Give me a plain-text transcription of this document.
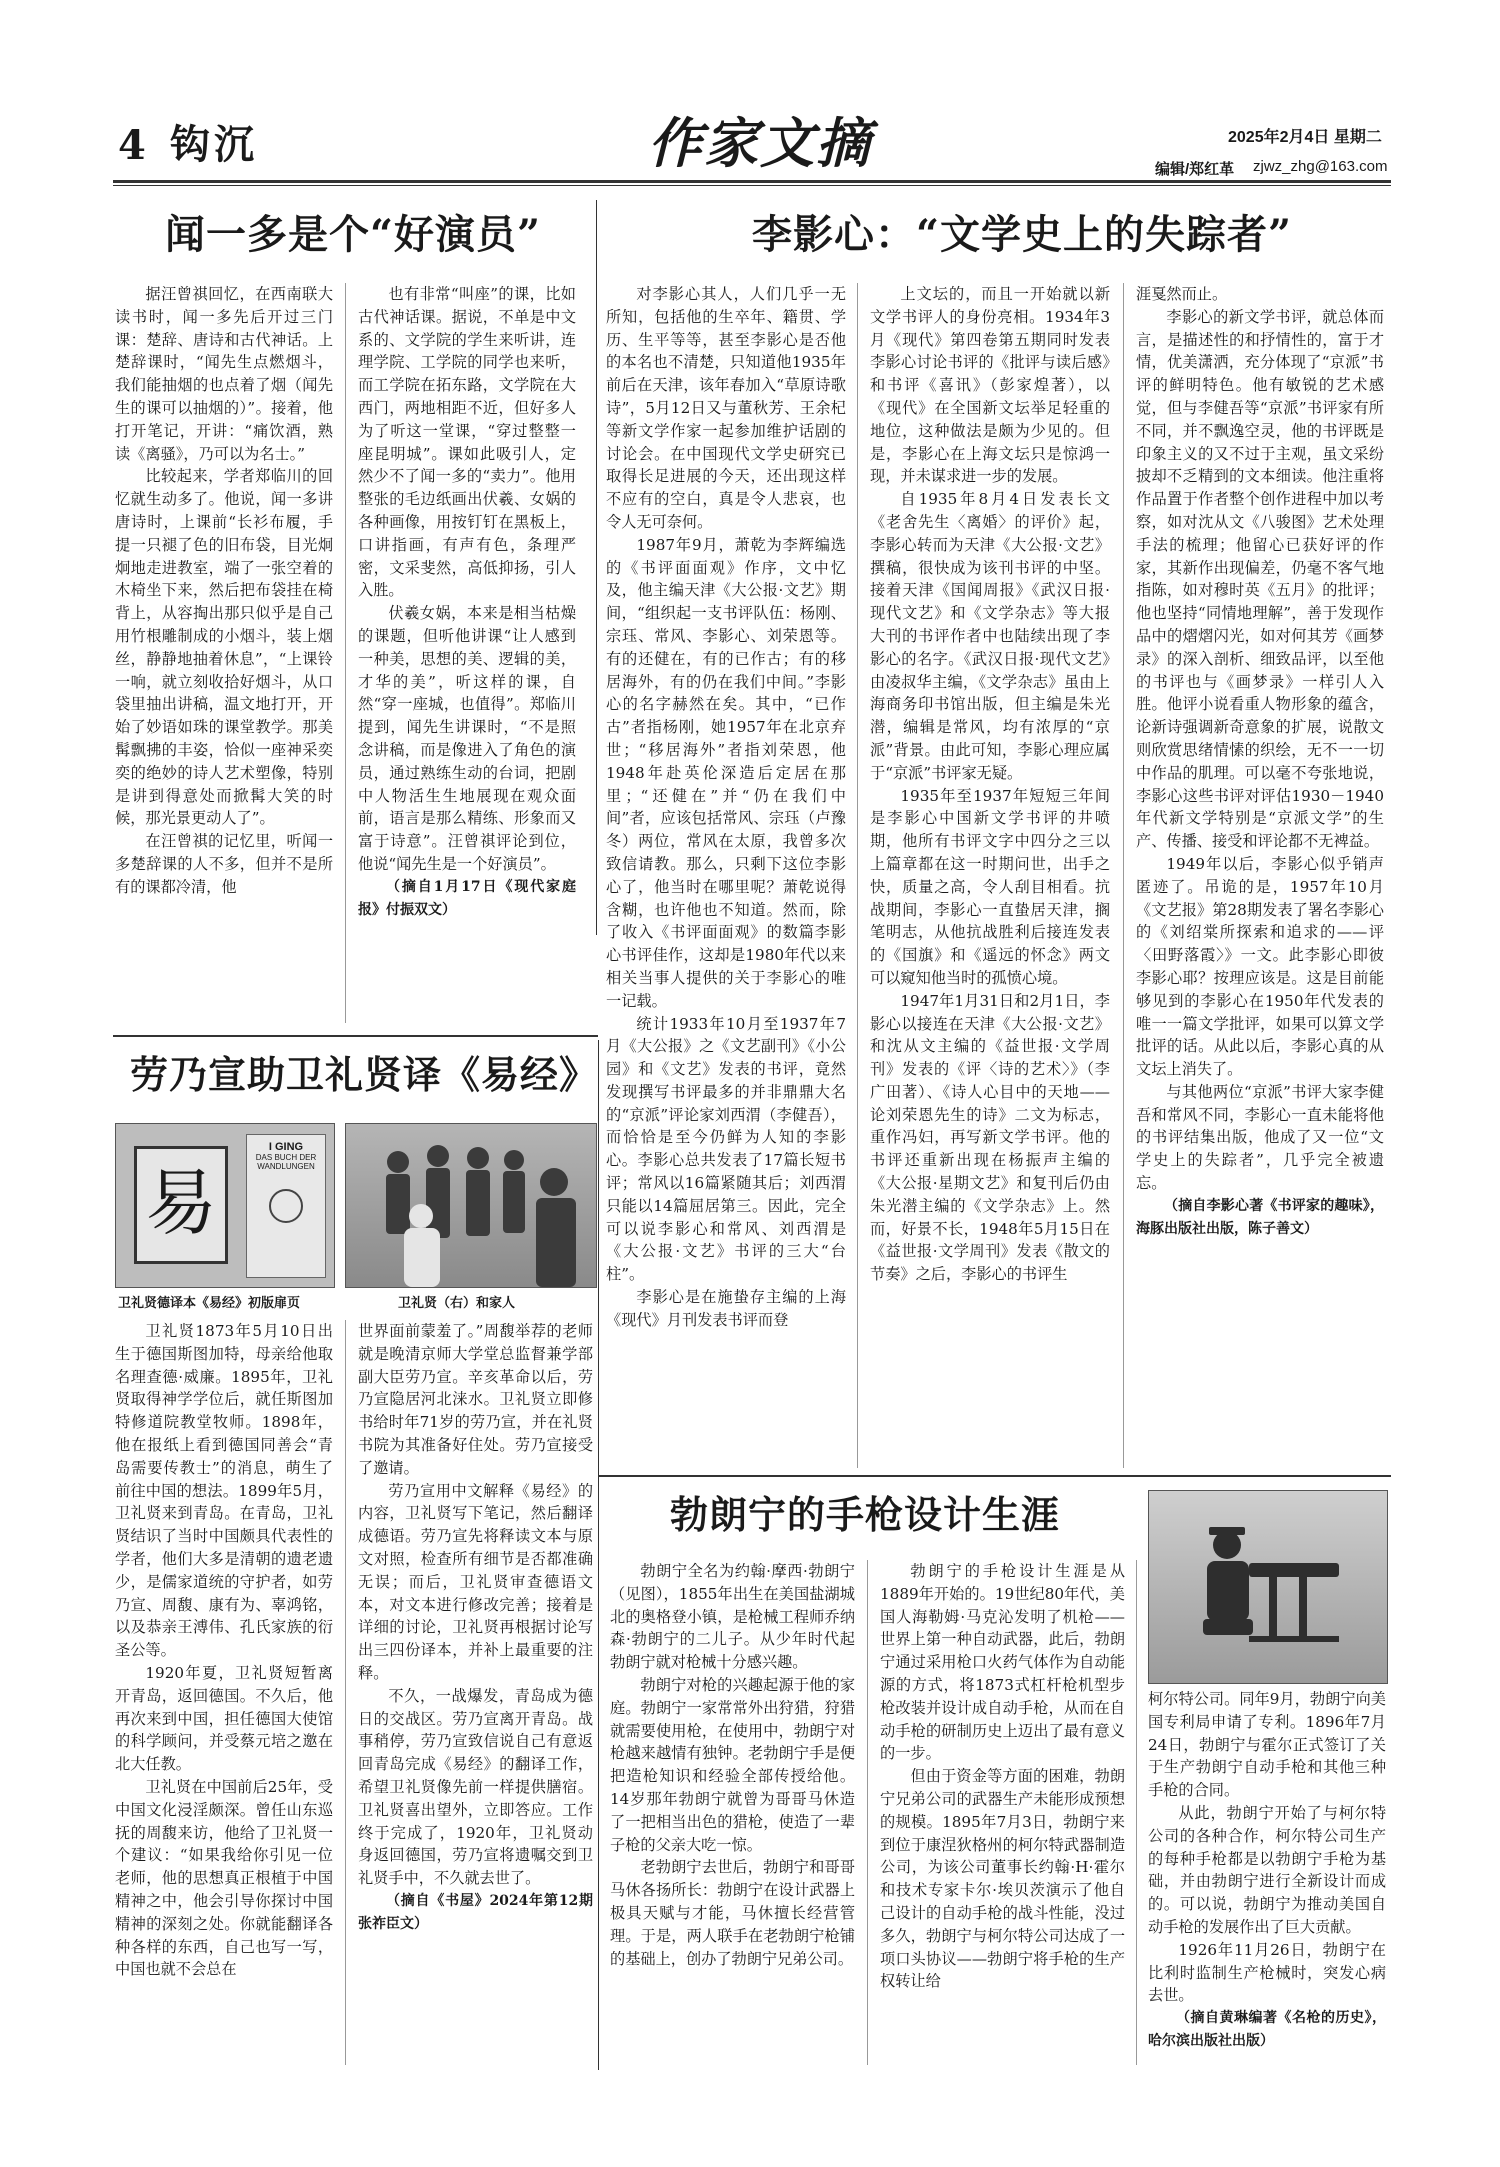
4 钩沉	作家文摘	2025年2月4日 星期二
编辑/郑红革 zjwz_zhg@163.com
闻一多是个“好演员”

据汪曾祺回忆，在西南联大读书时，闻一多先后开过三门课：楚辞、唐诗和古代神话。上楚辞课时，“闻先生点燃烟斗，我们能抽烟的也点着了烟（闻先生的课可以抽烟的）”。接着，他打开笔记，开讲：“痛饮酒，熟读《离骚》，乃可以为名士。”

比较起来，学者郑临川的回忆就生动多了。他说，闻一多讲唐诗时，上课前“长衫布履，手提一只褪了色的旧布袋，目光炯炯地走进教室，端了一张空着的木椅坐下来，然后把布袋挂在椅背上，从容掏出那只似乎是自己用竹根雕制成的小烟斗，装上烟丝，静静地抽着休息”，“上课铃一响，就立刻收拾好烟斗，从口袋里抽出讲稿，温文地打开，开始了妙语如珠的课堂教学。那美髯飘拂的丰姿，恰似一座神采奕奕的绝妙的诗人艺术塑像，特别是讲到得意处而掀髯大笑的时候，那光景更动人了”。

在汪曾祺的记忆里，听闻一多楚辞课的人不多，但并不是所有的课都冷清，他

也有非常“叫座”的课，比如古代神话课。据说，不单是中文系的、文学院的学生来听讲，连理学院、工学院的同学也来听，而工学院在拓东路，文学院在大西门，两地相距不近，但好多人为了听这一堂课，“穿过整整一座昆明城”。课如此吸引人，定然少不了闻一多的“卖力”。他用整张的毛边纸画出伏羲、女娲的各种画像，用按钉钉在黑板上，口讲指画，有声有色，条理严密，文采斐然，高低抑扬，引人入胜。

伏羲女娲，本来是相当枯燥的课题，但听他讲课“让人感到一种美，思想的美、逻辑的美，才华的美”，听这样的课，自然“穿一座城，也值得”。郑临川提到，闻先生讲课时，“不是照念讲稿，而是像进入了角色的演员，通过熟练生动的台词，把剧中人物活生生地展现在观众面前，语言是那么精练、形象而又富于诗意”。汪曾祺评论到位，他说“闻先生是一个好演员”。

（摘自1月17日《现代家庭报》付振双文）

李影心：“文学史上的失踪者”

对李影心其人，人们几乎一无所知，包括他的生卒年、籍贯、学历、生平等等，甚至李影心是否他的本名也不清楚，只知道他1935年前后在天津，该年春加入“草原诗歌诗”，5月12日又与董秋芳、王余杞等新文学作家一起参加维护话剧的讨论会。在中国现代文学史研究已取得长足进展的今天，还出现这样不应有的空白，真是令人悲哀，也令人无可奈何。

1987年9月，萧乾为李辉编选的《书评面面观》作序，文中忆及，他主编天津《大公报·文艺》期间，“组织起一支书评队伍：杨刚、宗珏、常风、李影心、刘荣恩等。有的还健在，有的已作古；有的移居海外，有的仍在我们中间。”李影心的名字赫然在矣。其中，“已作古”者指杨刚，她1957年在北京弃世；“移居海外”者指刘荣恩，他1948年赴英伦深造后定居在那里；“还健在”并“仍在我们中间”者，应该包括常风、宗珏（卢豫冬）两位，常风在太原，我曾多次致信请教。那么，只剩下这位李影心了，他当时在哪里呢？萧乾说得含糊，也许他也不知道。然而，除了收入《书评面面观》的数篇李影心书评佳作，这却是1980年代以来相关当事人提供的关于李影心的唯一记载。

统计1933年10月至1937年7月《大公报》之《文艺副刊》《小公园》和《文艺》发表的书评，竟然发现撰写书评最多的并非鼎鼎大名的“京派”评论家刘西渭（李健吾），而恰恰是至今仍鲜为人知的李影心。李影心总共发表了17篇长短书评；常风以16篇紧随其后；刘西渭只能以14篇屈居第三。因此，完全可以说李影心和常风、刘西渭是《大公报·文艺》书评的三大“台柱”。

李影心是在施蛰存主编的上海《现代》月刊发表书评而登

上文坛的，而且一开始就以新文学书评人的身份亮相。1934年3月《现代》第四卷第五期同时发表李影心讨论书评的《批评与读后感》和书评《喜讯》（彭家煌著），以《现代》在全国新文坛举足轻重的地位，这种做法是颇为少见的。但是，李影心在上海文坛只是惊鸿一现，并未谋求进一步的发展。

自1935年8月4日发表长文《老舍先生〈离婚〉的评价》起，李影心转而为天津《大公报·文艺》撰稿，很快成为该刊书评的中坚。接着天津《国闻周报》《武汉日报·现代文艺》和《文学杂志》等大报大刊的书评作者中也陆续出现了李影心的名字。《武汉日报·现代文艺》由凌叔华主编，《文学杂志》虽由上海商务印书馆出版，但主编是朱光潜，编辑是常风，均有浓厚的“京派”背景。由此可知，李影心理应属于“京派”书评家无疑。

1935年至1937年短短三年间是李影心中国新文学书评的井喷期，他所有书评文字中四分之三以上篇章都在这一时期问世，出手之快，质量之高，令人刮目相看。抗战期间，李影心一直蛰居天津，搁笔明志，从他抗战胜利后接连发表的《国旗》和《遥远的怀念》两文可以窥知他当时的孤愤心境。

1947年1月31日和2月1日，李影心以接连在天津《大公报·文艺》和沈从文主编的《益世报·文学周刊》发表的《评〈诗的艺术〉》（李广田著）、《诗人心目中的天地——论刘荣恩先生的诗》二文为标志，重作冯妇，再写新文学书评。他的书评还重新出现在杨振声主编的《大公报·星期文艺》和复刊后仍由朱光潜主编的《文学杂志》上。然而，好景不长，1948年5月15日在《益世报·文学周刊》发表《散文的节奏》之后，李影心的书评生

涯戛然而止。

李影心的新文学书评，就总体而言，是描述性的和抒情性的，富于才情，优美潇洒，充分体现了“京派”书评的鲜明特色。他有敏锐的艺术感觉，但与李健吾等“京派”书评家有所不同，并不飘逸空灵，他的书评既是印象主义的又不过于主观，虽文采纷披却不乏精到的文本细读。他注重将作品置于作者整个创作进程中加以考察，如对沈从文《八骏图》艺术处理手法的梳理；他留心已获好评的作家，其新作出现偏差，仍毫不客气地指陈，如对穆时英《五月》的批评；他也坚持“同情地理解”，善于发现作品中的熠熠闪光，如对何其芳《画梦录》的深入剖析、细致品评，以至他的书评也与《画梦录》一样引人入胜。他评小说看重人物形象的蕴含，论新诗强调新奇意象的扩展，说散文则欣赏思绪情愫的织绘，无不一一切中作品的肌理。可以毫不夸张地说，李影心这些书评对评估1930－1940年代新文学特别是“京派文学”的生产、传播、接受和评论都不无裨益。

1949年以后，李影心似乎销声匿迹了。吊诡的是，1957年10月《文艺报》第28期发表了署名李影心的《刘绍棠所探索和追求的——评〈田野落霞〉》一文。此李影心即彼李影心耶？按理应该是。这是目前能够见到的李影心在1950年代发表的唯一一篇文学批评，如果可以算文学批评的话。从此以后，李影心真的从文坛上消失了。

与其他两位“京派”书评大家李健吾和常风不同，李影心一直未能将他的书评结集出版，他成了又一位“文学史上的失踪者”，几乎完全被遗忘。

（摘自李影心著《书评家的趣味》，海豚出版社出版，陈子善文）

劳乃宣助卫礼贤译《易经》
易
I GING
DAS BUCH DER
WANDLUNGEN
卫礼贤德译本《易经》初版扉页	卫礼贤（右）和家人

卫礼贤1873年5月10日出生于德国斯图加特，母亲给他取名理查德·威廉。1895年，卫礼贤取得神学学位后，就任斯图加特修道院教堂牧师。1898年，他在报纸上看到德国同善会“青岛需要传教士”的消息，萌生了前往中国的想法。1899年5月，卫礼贤来到青岛。在青岛，卫礼贤结识了当时中国颇具代表性的学者，他们大多是清朝的遗老遗少，是儒家道统的守护者，如劳乃宣、周馥、康有为、辜鸿铭，以及恭亲王溥伟、孔氏家族的衍圣公等。

1920年夏，卫礼贤短暂离开青岛，返回德国。不久后，他再次来到中国，担任德国大使馆的科学顾问，并受蔡元培之邀在北大任教。

卫礼贤在中国前后25年，受中国文化浸淫颇深。曾任山东巡抚的周馥来访，他给了卫礼贤一个建议：“如果我给你引见一位老师，他的思想真正根植于中国精神之中，他会引导你探讨中国精神的深刻之处。你就能翻译各种各样的东西，自己也写一写，中国也就不会总在

世界面前蒙羞了。”周馥举荐的老师就是晚清京师大学堂总监督兼学部副大臣劳乃宣。辛亥革命以后，劳乃宣隐居河北涞水。卫礼贤立即修书给时年71岁的劳乃宣，并在礼贤书院为其准备好住处。劳乃宣接受了邀请。

劳乃宣用中文解释《易经》的内容，卫礼贤写下笔记，然后翻译成德语。劳乃宣先将释读文本与原文对照，检查所有细节是否都准确无误；而后，卫礼贤审查德语文本，对文本进行修改完善；接着是详细的讨论，卫礼贤再根据讨论写出三四份译本，并补上最重要的注释。

不久，一战爆发，青岛成为德日的交战区。劳乃宣离开青岛。战事稍停，劳乃宣致信说自己有意返回青岛完成《易经》的翻译工作，希望卫礼贤像先前一样提供膳宿。卫礼贤喜出望外，立即答应。工作终于完成了，1920年，卫礼贤动身返回德国，劳乃宣将遗嘱交到卫礼贤手中，不久就去世了。

（摘自《书屋》2024年第12期 张祚臣文）

勃朗宁的手枪设计生涯

勃朗宁全名为约翰·摩西·勃朗宁（见图），1855年出生在美国盐湖城北的奥格登小镇，是枪械工程师乔纳森·勃朗宁的二儿子。从少年时代起勃朗宁就对枪械十分感兴趣。

勃朗宁对枪的兴趣起源于他的家庭。勃朗宁一家常常外出狩猎，狩猎就需要使用枪，在使用中，勃朗宁对枪越来越情有独钟。老勃朗宁手是便把造枪知识和经验全部传授给他。14岁那年勃朗宁就曾为哥哥马休造了一把相当出色的猎枪，使造了一辈子枪的父亲大吃一惊。

老勃朗宁去世后，勃朗宁和哥哥马休各扬所长：勃朗宁在设计武器上极具天赋与才能，马休擅长经营管理。于是，两人联手在老勃朗宁枪铺的基础上，创办了勃朗宁兄弟公司。

勃朗宁的手枪设计生涯是从1889年开始的。19世纪80年代，美国人海勒姆·马克沁发明了机枪——世界上第一种自动武器，此后，勃朗宁通过采用枪口火药气体作为自动能源的方式，将1873式杠杆枪机型步枪改装并设计成自动手枪，从而在自动手枪的研制历史上迈出了最有意义的一步。

但由于资金等方面的困难，勃朗宁兄弟公司的武器生产未能形成预想的规模。1895年7月3日，勃朗宁来到位于康涅狄格州的柯尔特武器制造公司，为该公司董事长约翰·H·霍尔和技术专家卡尔·埃贝茨演示了他自己设计的自动手枪的战斗性能，没过多久，勃朗宁与柯尔特公司达成了一项口头协议——勃朗宁将手枪的生产权转让给

柯尔特公司。同年9月，勃朗宁向美国专利局申请了专利。1896年7月24日，勃朗宁与霍尔正式签订了关于生产勃朗宁自动手枪和其他三种手枪的合同。

从此，勃朗宁开始了与柯尔特公司的各种合作，柯尔特公司生产的每种手枪都是以勃朗宁手枪为基础，并由勃朗宁进行全新设计而成的。可以说，勃朗宁为推动美国自动手枪的发展作出了巨大贡献。

1926年11月26日，勃朗宁在比利时监制生产枪械时，突发心病去世。

（摘自黄琳编著《名枪的历史》，哈尔滨出版社出版）
